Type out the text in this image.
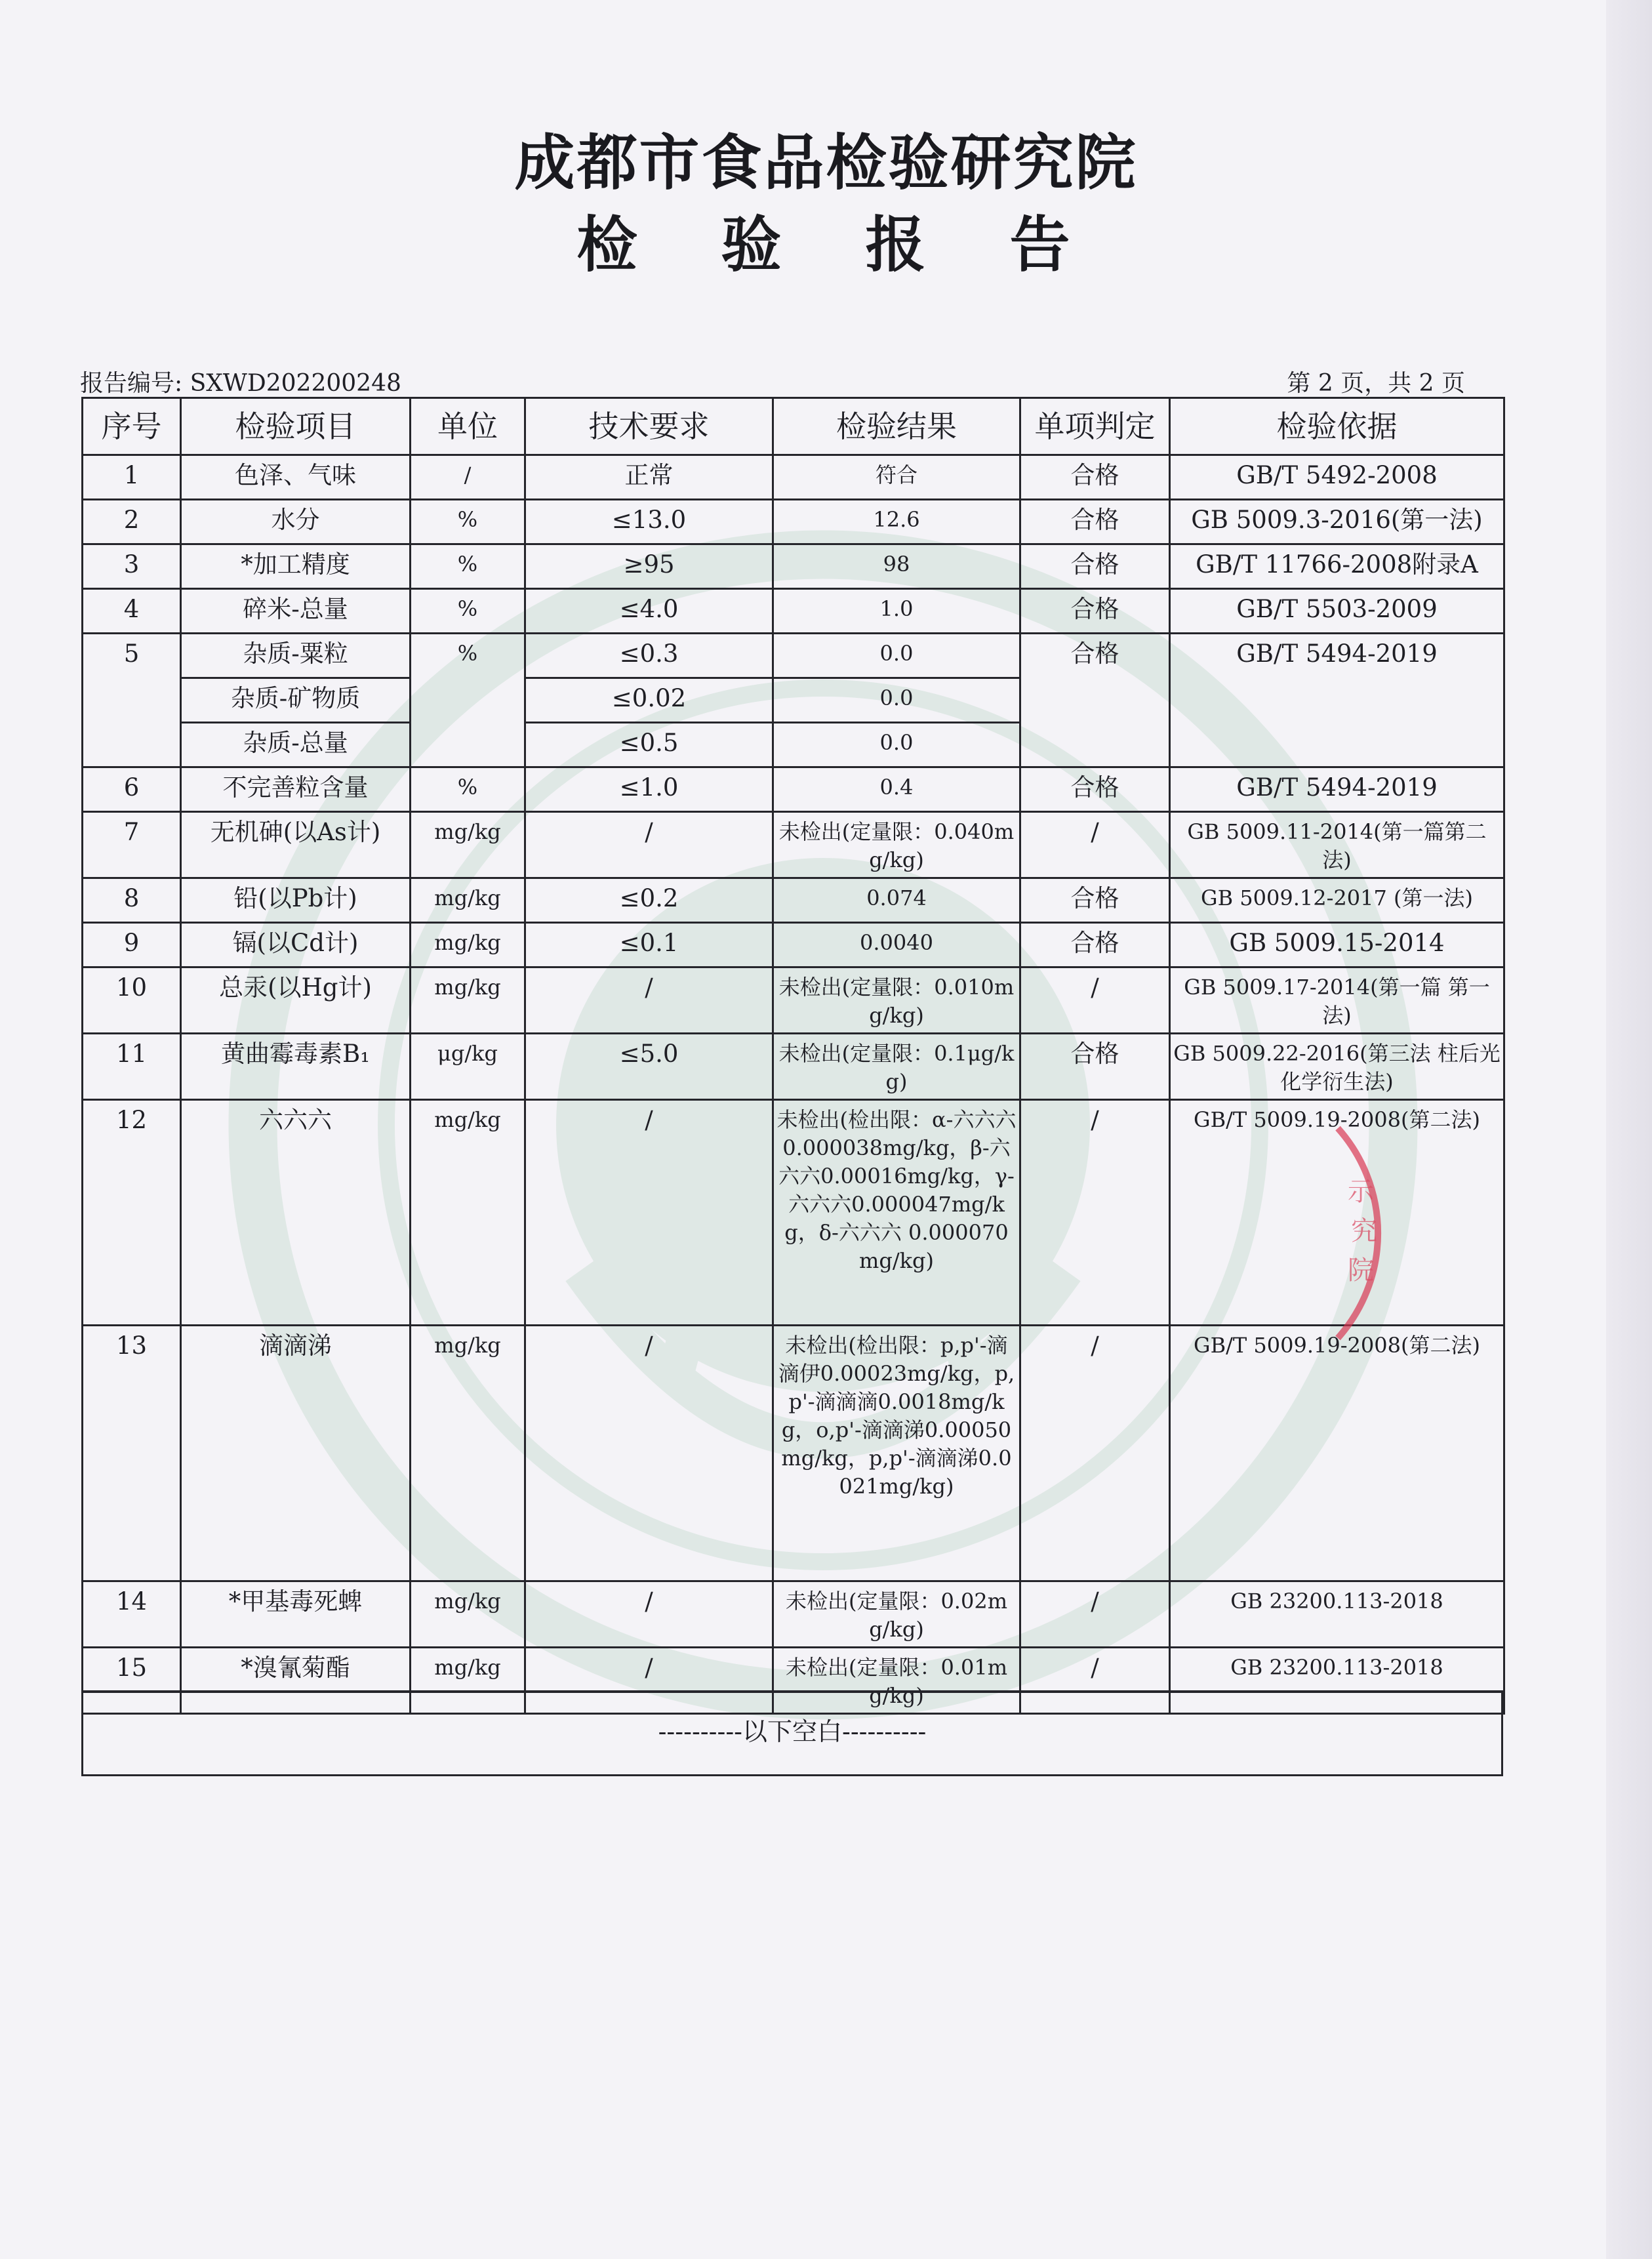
成都市食品检验研究院
检 验 报 告
报告编号: SXWD202200248	第 2 页，共 2 页
序号	检验项目	单位	技术要求	检验结果	单项判定	检验依据
1	色泽、气味	/	正常	符合	合格	GB/T 5492-2008
2	水分	%	≤13.0	12.6	合格	GB 5009.3-2016(第一法)
3	*加工精度	%	≥95	98	合格	GB/T 11766-2008附录A
4	碎米-总量	%	≤4.0	1.0	合格	GB/T 5503-2009
5	杂质-粟粒	%	≤0.3	0.0	合格	GB/T 5494-2019
	杂质-矿物质		≤0.02	0.0		
	杂质-总量		≤0.5	0.0		
6	不完善粒含量	%	≤1.0	0.4	合格	GB/T 5494-2019
7	无机砷(以As计)	mg/kg	/	未检出(定量限：0.040mg/kg)	/	GB 5009.11-2014(第一篇第二法)
8	铅(以Pb计)	mg/kg	≤0.2	0.074	合格	GB 5009.12-2017 (第一法)
9	镉(以Cd计)	mg/kg	≤0.1	0.0040	合格	GB 5009.15-2014
10	总汞(以Hg计)	mg/kg	/	未检出(定量限：0.010mg/kg)	/	GB 5009.17-2014(第一篇 第一法)
11	黄曲霉毒素B₁	μg/kg	≤5.0	未检出(定量限：0.1μg/kg)	合格	GB 5009.22-2016(第三法 柱后光化学衍生法)
12	六六六	mg/kg	/	未检出(检出限：α-六六六0.000038mg/kg，β-六六六0.00016mg/kg，γ-六六六0.000047mg/kg，δ-六六六 0.000070mg/kg)	/	GB/T 5009.19-2008(第二法)
13	滴滴涕	mg/kg	/	未检出(检出限：p,p'-滴滴伊0.00023mg/kg，p,p'-滴滴滴0.0018mg/kg，o,p'-滴滴涕0.00050mg/kg，p,p'-滴滴涕0.0021mg/kg)	/	GB/T 5009.19-2008(第二法)
14	*甲基毒死蜱	mg/kg	/	未检出(定量限：0.02mg/kg)	/	GB 23200.113-2018
15	*溴氰菊酯	mg/kg	/	未检出(定量限：0.01mg/kg)	/	GB 23200.113-2018
----------以下空白----------
示
究
院
